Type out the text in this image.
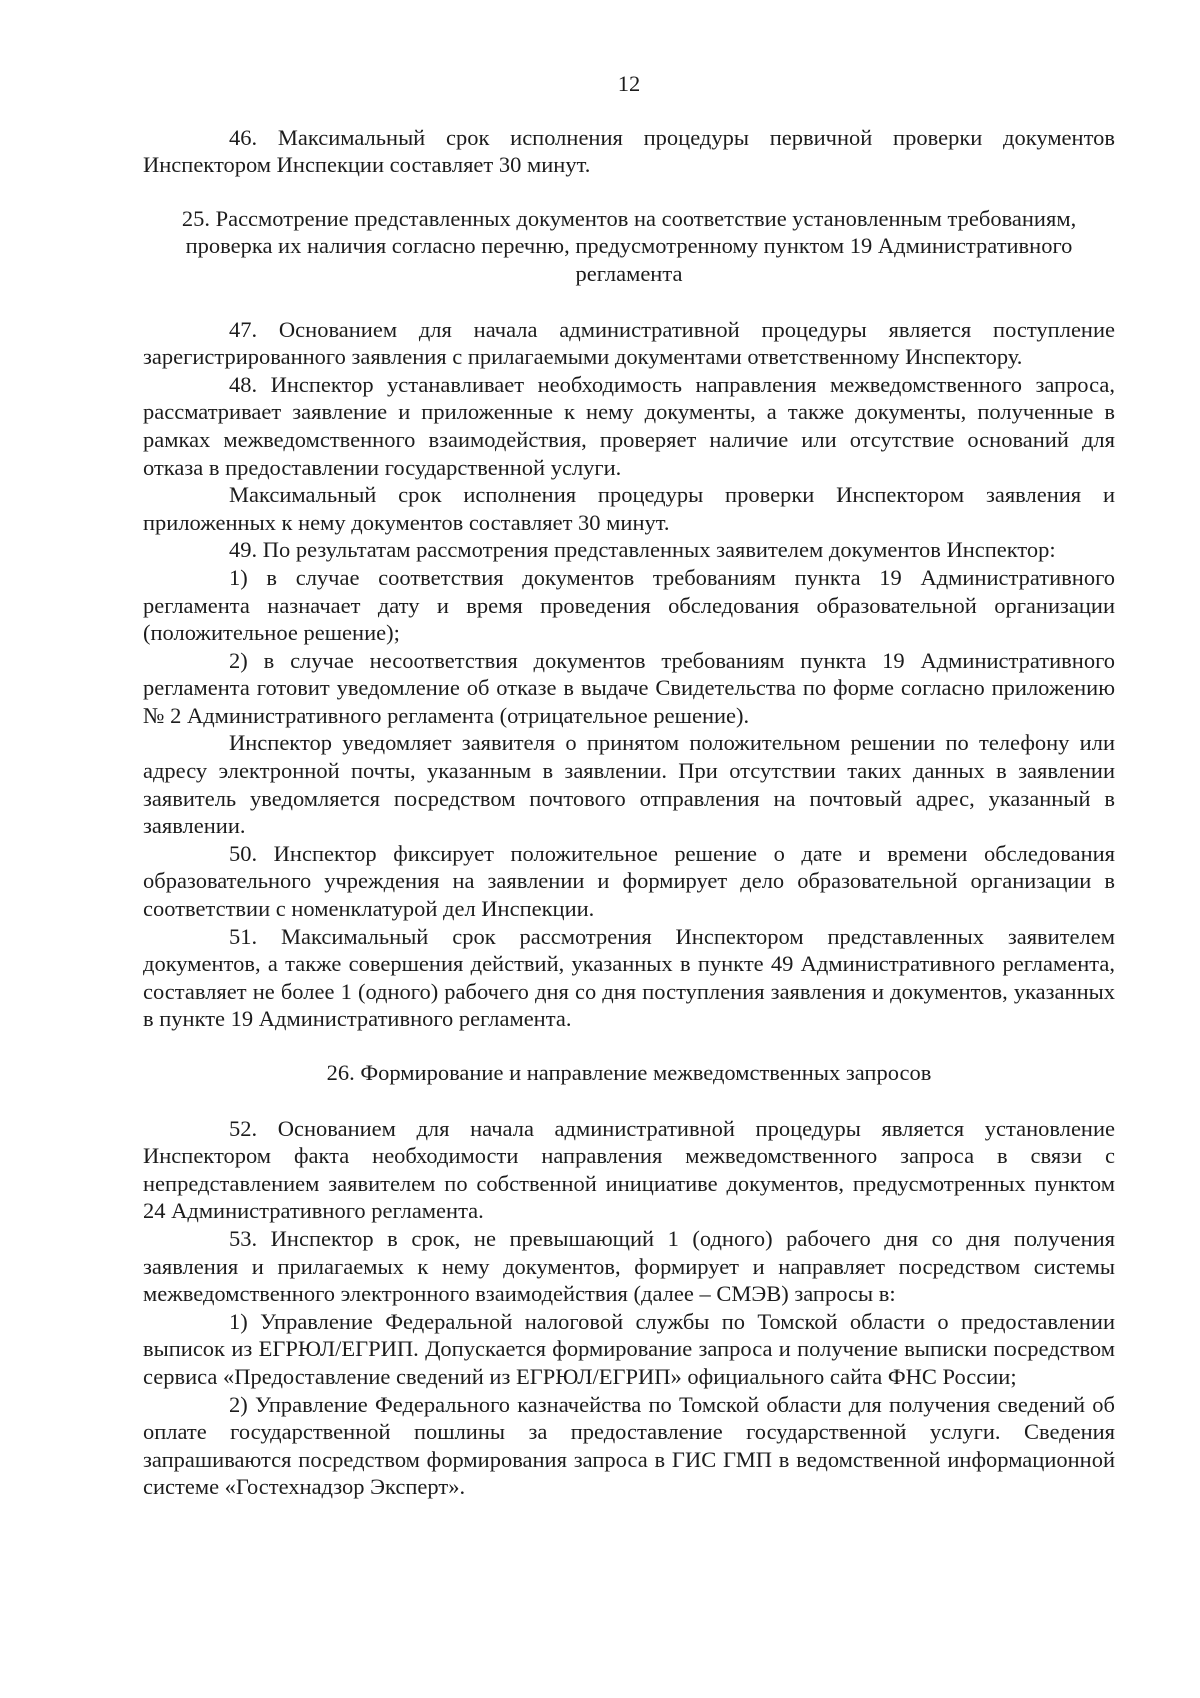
12

46. Максимальный срок исполнения процедуры первичной проверки документов Инспектором Инспекции составляет 30 минут.

25. Рассмотрение представленных документов на соответствие установленным требованиям, проверка их наличия согласно перечню, предусмотренному пунктом 19 Административного регламента

47. Основанием для начала административной процедуры является поступление зарегистрированного заявления с прилагаемыми документами ответственному Инспектору.

48. Инспектор устанавливает необходимость направления межведомственного запроса, рассматривает заявление и приложенные к нему документы, а также документы, полученные в рамках межведомственного взаимодействия, проверяет наличие или отсутствие оснований для отказа в предоставлении государственной услуги.

Максимальный срок исполнения процедуры проверки Инспектором заявления и приложенных к нему документов составляет 30 минут.

49. По результатам рассмотрения представленных заявителем документов Инспектор:

1) в случае соответствия документов требованиям пункта 19 Административного регламента назначает дату и время проведения обследования образовательной организации (положительное решение);

2) в случае несоответствия документов требованиям пункта 19 Административного регламента готовит уведомление об отказе в выдаче Свидетельства по форме согласно приложению № 2 Административного регламента (отрицательное решение).

Инспектор уведомляет заявителя о принятом положительном решении по телефону или адресу электронной почты, указанным в заявлении. При отсутствии таких данных в заявлении заявитель уведомляется посредством почтового отправления на почтовый адрес, указанный в заявлении.

50. Инспектор фиксирует положительное решение о дате и времени обследования образовательного учреждения на заявлении и формирует дело образовательной организации в соответствии с номенклатурой дел Инспекции.

51. Максимальный срок рассмотрения Инспектором представленных заявителем документов, а также совершения действий, указанных в пункте 49 Административного регламента, составляет не более 1 (одного) рабочего дня со дня поступления заявления и документов, указанных в пункте 19 Административного регламента.

26. Формирование и направление межведомственных запросов

52. Основанием для начала административной процедуры является установление Инспектором факта необходимости направления межведомственного запроса в связи с непредставлением заявителем по собственной инициативе документов, предусмотренных пунктом 24 Административного регламента.

53. Инспектор в срок, не превышающий 1 (одного) рабочего дня со дня получения заявления и прилагаемых к нему документов, формирует и направляет посредством системы межведомственного электронного взаимодействия (далее – СМЭВ) запросы в:

1) Управление Федеральной налоговой службы по Томской области о предоставлении выписок из ЕГРЮЛ/ЕГРИП. Допускается формирование запроса и получение выписки посредством сервиса «Предоставление сведений из ЕГРЮЛ/ЕГРИП» официального сайта ФНС России;

2) Управление Федерального казначейства по Томской области для получения сведений об оплате государственной пошлины за предоставление государственной услуги. Сведения запрашиваются посредством формирования запроса в ГИС ГМП в ведомственной информационной системе «Гостехнадзор Эксперт».
